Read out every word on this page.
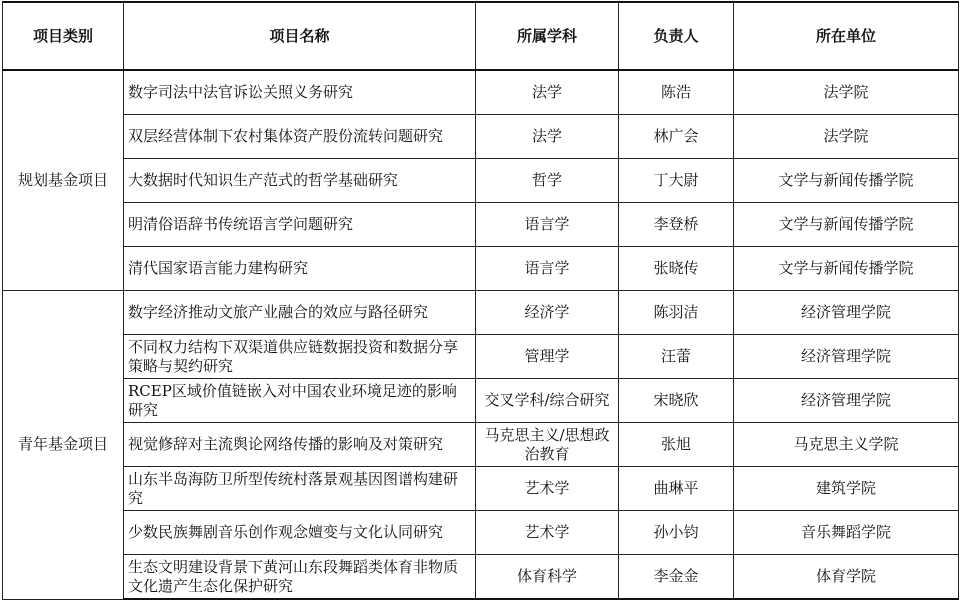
项目类别	项目名称	所属学科	负责人	所在单位
规划基金项目	数字司法中法官诉讼关照义务研究	法学	陈浩	法学院
	双层经营体制下农村集体资产股份流转问题研究	法学	林广会	法学院
	大数据时代知识生产范式的哲学基础研究	哲学	丁大尉	文学与新闻传播学院
	明清俗语辞书传统语言学问题研究	语言学	李登桥	文学与新闻传播学院
	清代国家语言能力建构研究	语言学	张晓传	文学与新闻传播学院
青年基金项目	数字经济推动文旅产业融合的效应与路径研究	经济学	陈羽洁	经济管理学院
	不同权力结构下双渠道供应链数据投资和数据分享策略与契约研究	管理学	汪蕾	经济管理学院
	RCEP区域价值链嵌入对中国农业环境足迹的影响研究	交叉学科/综合研究	宋晓欣	经济管理学院
	视觉修辞对主流舆论网络传播的影响及对策研究	马克思主义/思想政治教育	张旭	马克思主义学院
	山东半岛海防卫所型传统村落景观基因图谱构建研究	艺术学	曲琳平	建筑学院
	少数民族舞剧音乐创作观念嬗变与文化认同研究	艺术学	孙小钧	音乐舞蹈学院
	生态文明建设背景下黄河山东段舞蹈类体育非物质文化遗产生态化保护研究	体育科学	李金金	体育学院
